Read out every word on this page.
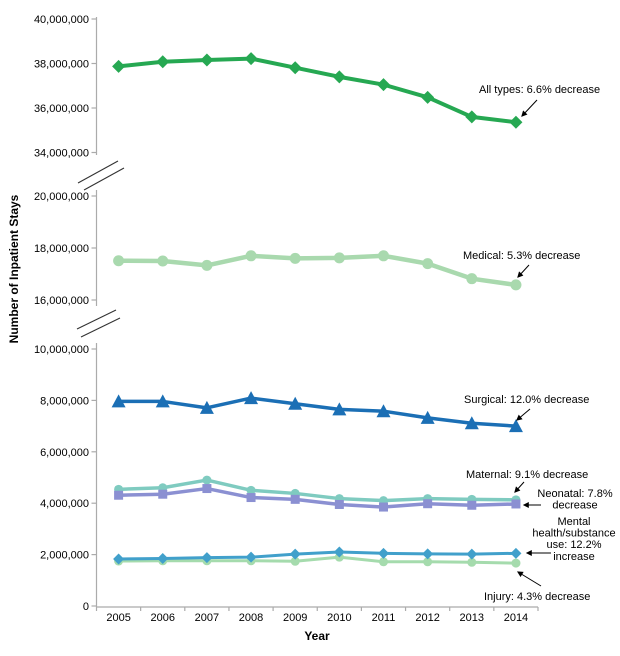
Number of Inpatient Stays
40,000,000
38,000,000
36,000,000
34,000,000
20,000,000
18,000,000
16,000,000
10,000,000
8,000,000
6,000,000
4,000,000
2,000,000
0
2005 2006 2007 2008 2009 2010 2011 2012 2013 2014
All types: 6.6% decrease
Medical: 5.3% decrease
Surgical: 12.0% decrease
Maternal: 9.1% decrease
Neonatal: 7.8% decrease
Mental health/substance use: 12.2% increase
Injury: 4.3% decrease
Year
